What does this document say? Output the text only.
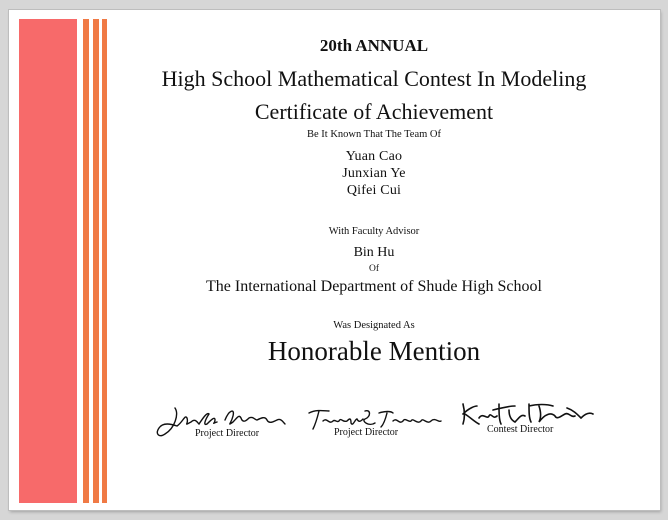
20th ANNUAL
High School Mathematical Contest In Modeling
Certificate of Achievement
Be It Known That The Team Of
Yuan Cao
Junxian Ye
Qifei Cui
With Faculty Advisor
Bin Hu
Of
The International Department of Shude High School
Was Designated As
Honorable Mention
Project Director	Project Director	Contest Director
